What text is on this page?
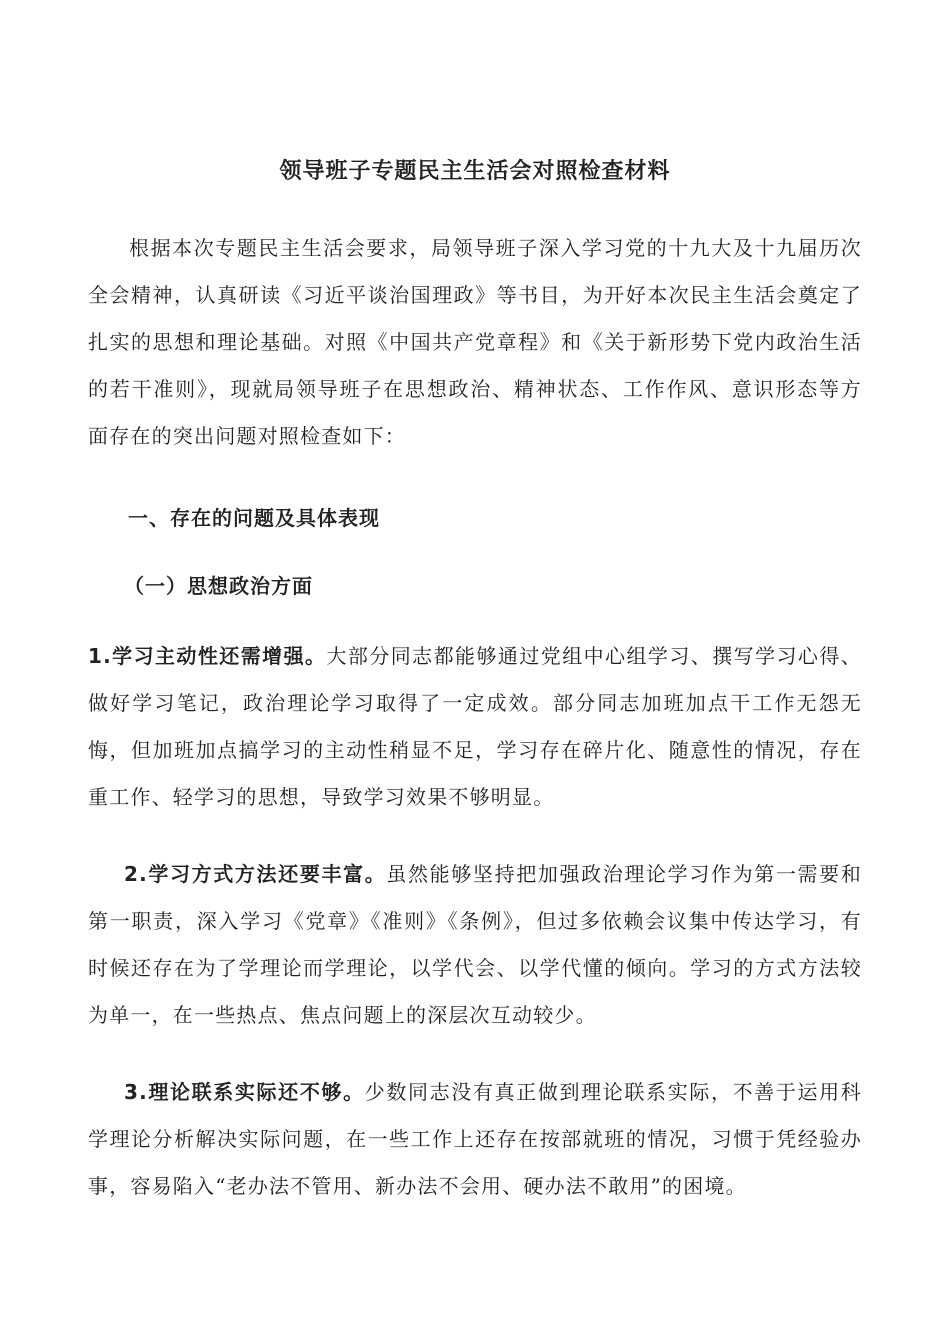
领导班子专题民主生活会对照检查材料

根据本次专题民主生活会要求，局领导班子深入学习党的十九大及十九届历次全会精神，认真研读《习近平谈治国理政》等书目，为开好本次民主生活会奠定了扎实的思想和理论基础。对照《中国共产党章程》和《关于新形势下党内政治生活的若干准则》，现就局领导班子在思想政治、精神状态、工作作风、意识形态等方面存在的突出问题对照检查如下：

一、存在的问题及具体表现
（一）思想政治方面

1.学习主动性还需增强。大部分同志都能够通过党组中心组学习、撰写学习心得、做好学习笔记，政治理论学习取得了一定成效。部分同志加班加点干工作无怨无悔，但加班加点搞学习的主动性稍显不足，学习存在碎片化、随意性的情况，存在重工作、轻学习的思想，导致学习效果不够明显。

2.学习方式方法还要丰富。虽然能够坚持把加强政治理论学习作为第一需要和第一职责，深入学习《党章》《准则》《条例》，但过多依赖会议集中传达学习，有时候还存在为了学理论而学理论，以学代会、以学代懂的倾向。学习的方式方法较为单一，在一些热点、焦点问题上的深层次互动较少。

3.理论联系实际还不够。少数同志没有真正做到理论联系实际，不善于运用科学理论分析解决实际问题，在一些工作上还存在按部就班的情况，习惯于凭经验办事，容易陷入“老办法不管用、新办法不会用、硬办法不敢用”的困境。
